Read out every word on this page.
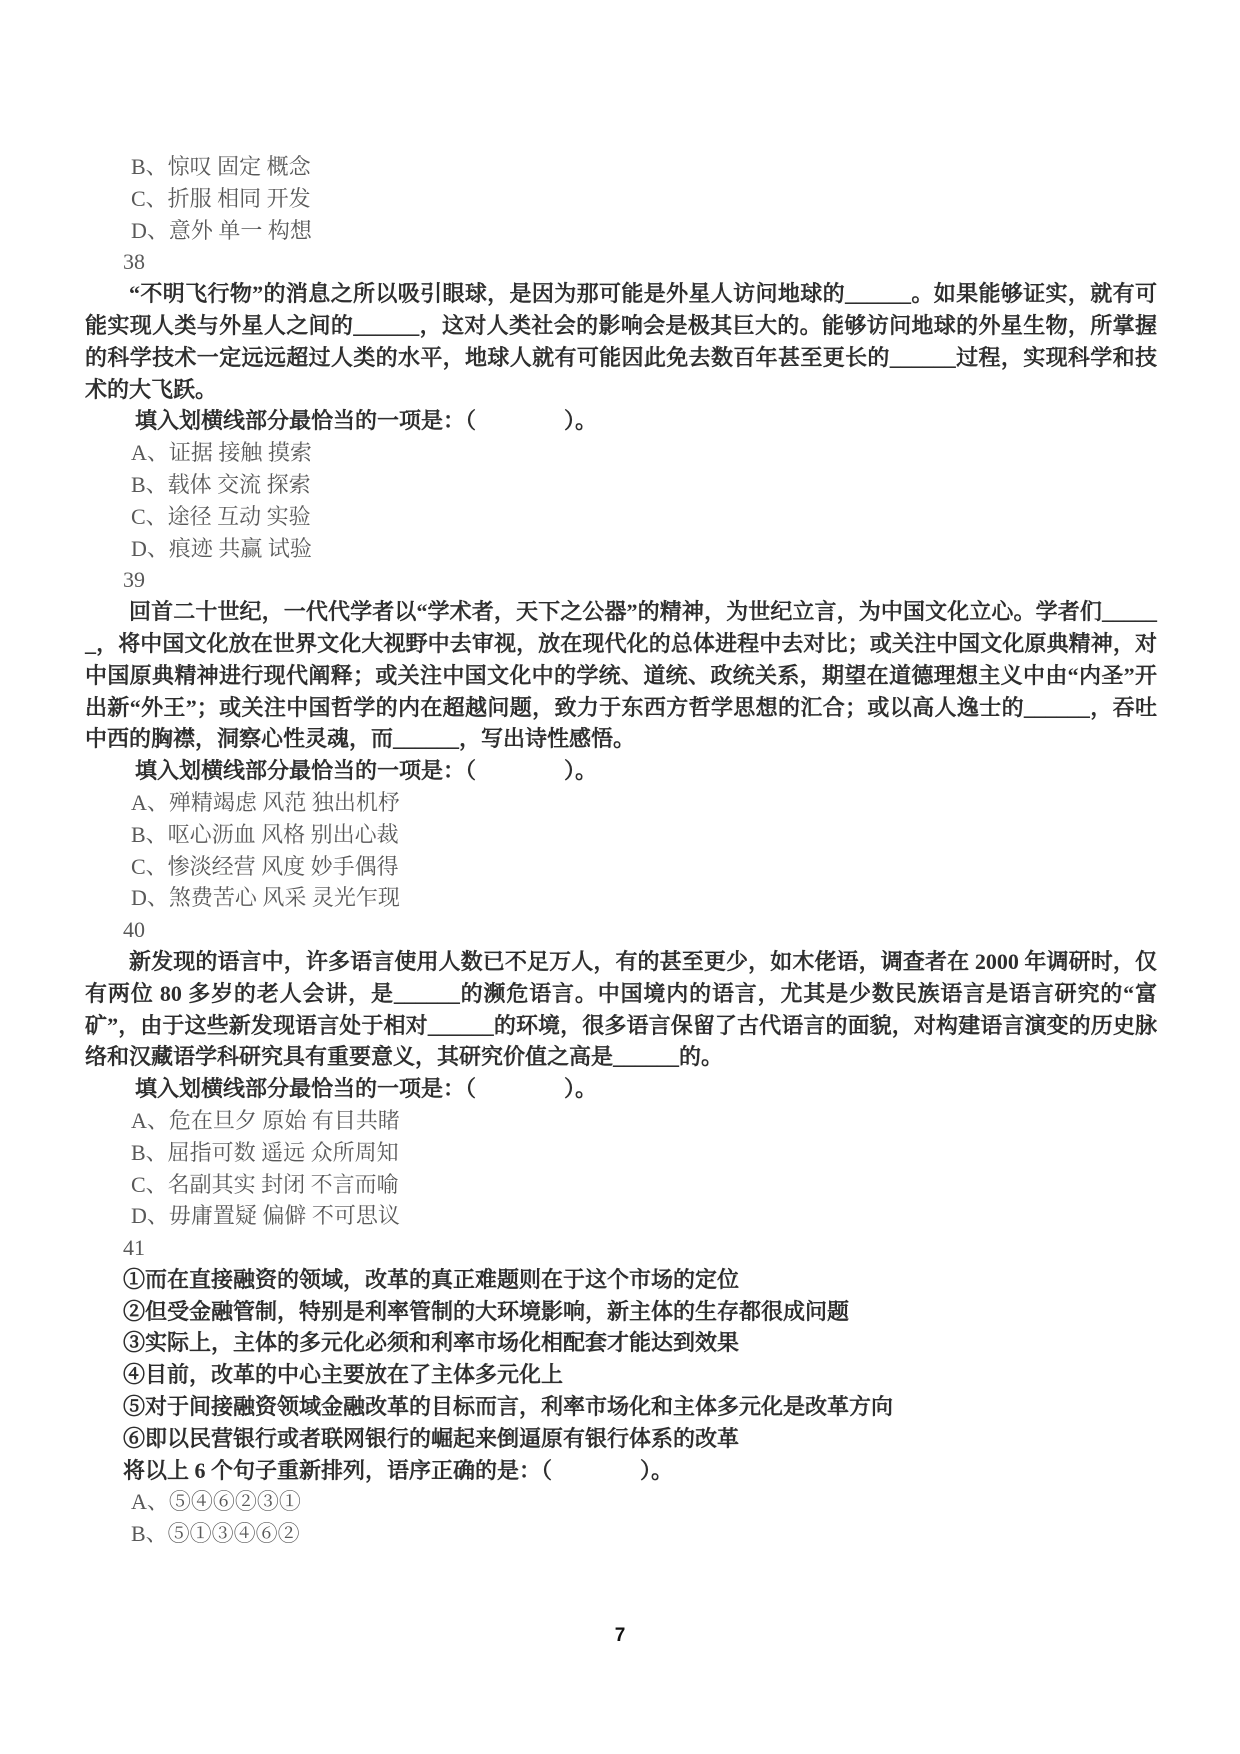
B、惊叹 固定 概念
C、折服 相同 开发
D、意外 单一 构想
38
“不明飞行物”的消息之所以吸引眼球，是因为那可能是外星人访问地球的______。如果能够证实，就有可能实现人类与外星人之间的______，这对人类社会的影响会是极其巨大的。能够访问地球的外星生物，所掌握的科学技术一定远远超过人类的水平，地球人就有可能因此免去数百年甚至更长的______过程，实现科学和技术的大飞跃。
填入划横线部分最恰当的一项是：（　　　　）。
A、证据 接触 摸索
B、载体 交流 探索
C、途径 互动 实验
D、痕迹 共赢 试验
39
回首二十世纪，一代代学者以“学术者，天下之公器”的精神，为世纪立言，为中国文化立心。学者们______，将中国文化放在世界文化大视野中去审视，放在现代化的总体进程中去对比；或关注中国文化原典精神，对中国原典精神进行现代阐释；或关注中国文化中的学统、道统、政统关系，期望在道德理想主义中由“内圣”开出新“外王”；或关注中国哲学的内在超越问题，致力于东西方哲学思想的汇合；或以高人逸士的______，吞吐中西的胸襟，洞察心性灵魂，而______，写出诗性感悟。
填入划横线部分最恰当的一项是：（　　　　）。
A、殚精竭虑 风范 独出机杼
B、呕心沥血 风格 别出心裁
C、惨淡经营 风度 妙手偶得
D、煞费苦心 风采 灵光乍现
40
新发现的语言中，许多语言使用人数已不足万人，有的甚至更少，如木佬语，调查者在 2000 年调研时，仅有两位 80 多岁的老人会讲，是______的濒危语言。中国境内的语言，尤其是少数民族语言是语言研究的“富矿”，由于这些新发现语言处于相对______的环境，很多语言保留了古代语言的面貌，对构建语言演变的历史脉络和汉藏语学科研究具有重要意义，其研究价值之高是______的。
填入划横线部分最恰当的一项是：（　　　　）。
A、危在旦夕 原始 有目共睹
B、屈指可数 遥远 众所周知
C、名副其实 封闭 不言而喻
D、毋庸置疑 偏僻 不可思议
41
①而在直接融资的领域，改革的真正难题则在于这个市场的定位
②但受金融管制，特别是利率管制的大环境影响，新主体的生存都很成问题
③实际上，主体的多元化必须和利率市场化相配套才能达到效果
④目前，改革的中心主要放在了主体多元化上
⑤对于间接融资领域金融改革的目标而言，利率市场化和主体多元化是改革方向
⑥即以民营银行或者联网银行的崛起来倒逼原有银行体系的改革
将以上 6 个句子重新排列，语序正确的是：（　　　　）。
A、⑤④⑥②③①
B、⑤①③④⑥②
7
